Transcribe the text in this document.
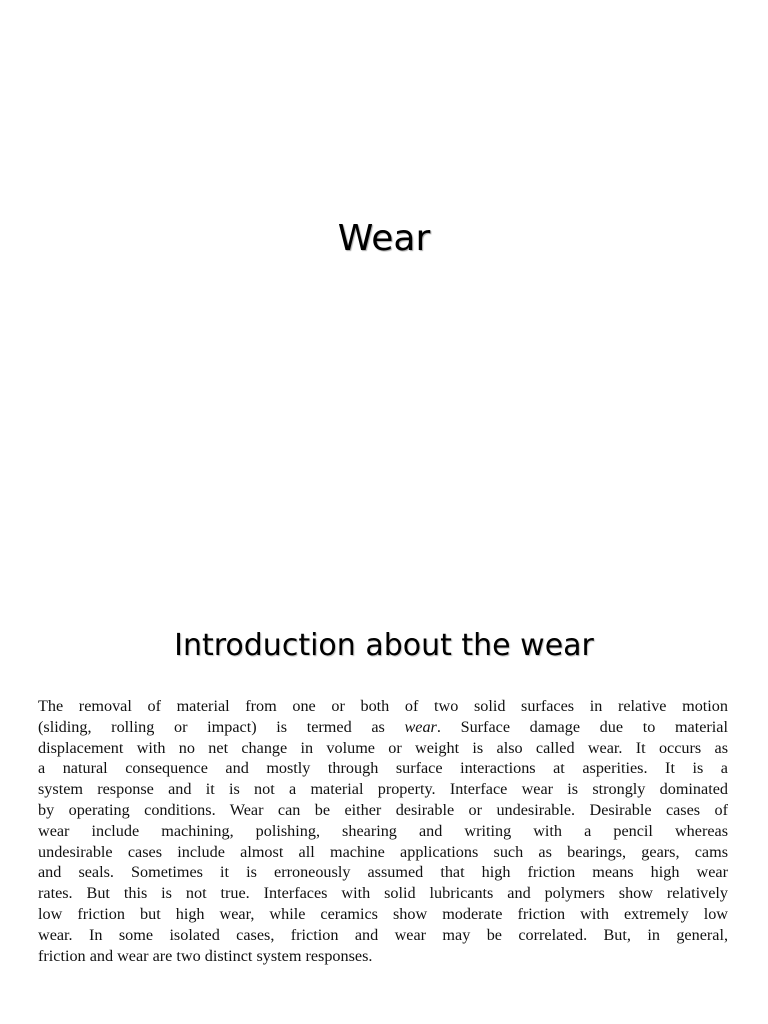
Wear
Introduction about the wear
The removal of material from one or both of two solid surfaces in relative motion
(sliding, rolling or impact) is termed as wear. Surface damage due to material
displacement with no net change in volume or weight is also called wear. It occurs as
a natural consequence and mostly through surface interactions at asperities. It is a
system response and it is not a material property. Interface wear is strongly dominated
by operating conditions. Wear can be either desirable or undesirable. Desirable cases of
wear include machining, polishing, shearing and writing with a pencil whereas
undesirable cases include almost all machine applications such as bearings, gears, cams
and seals. Sometimes it is erroneously assumed that high friction means high wear
rates. But this is not true. Interfaces with solid lubricants and polymers show relatively
low friction but high wear, while ceramics show moderate friction with extremely low
wear. In some isolated cases, friction and wear may be correlated. But, in general,
friction and wear are two distinct system responses.
